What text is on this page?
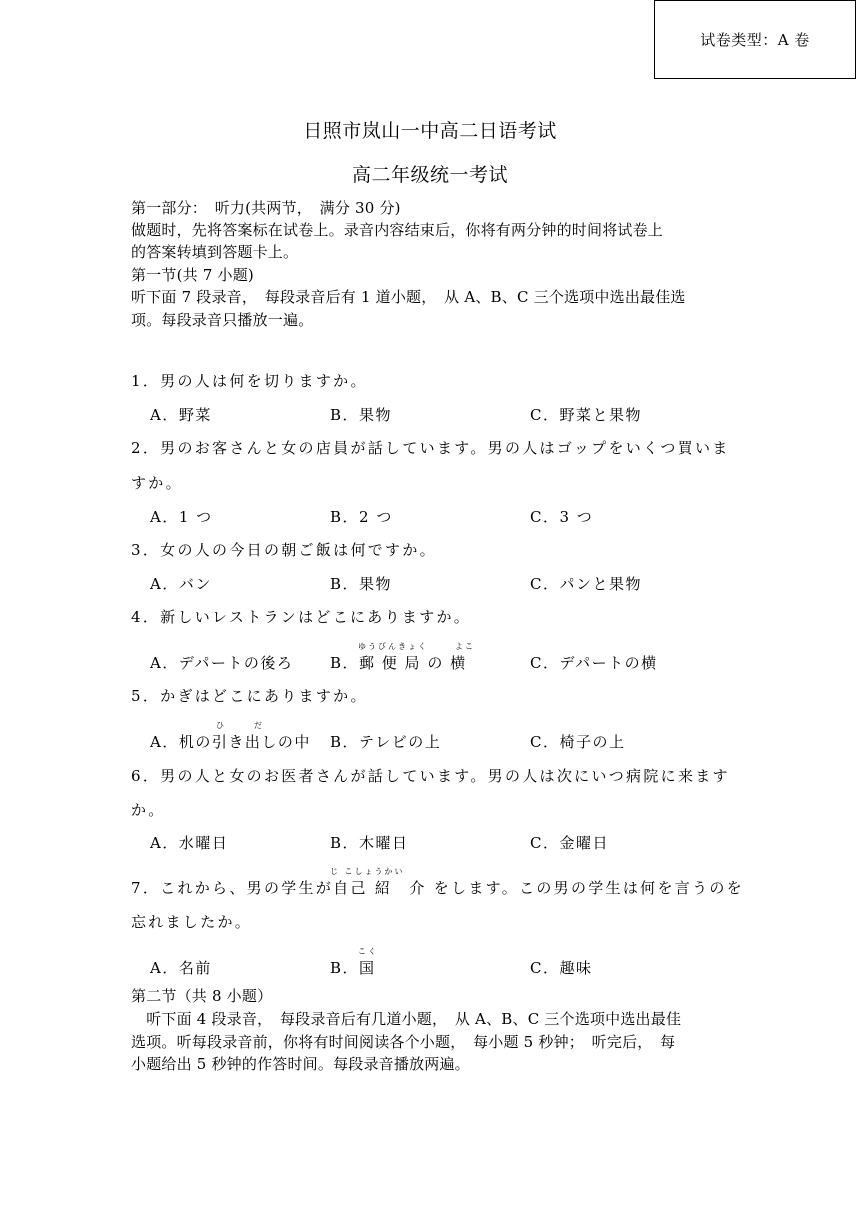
试卷类型：A 卷
日照市岚山一中高二日语考试
高二年级统一考试
第一部分：　听力(共两节，　满分 30 分)
做题时，先将答案标在试卷上。录音内容结束后，你将有两分钟的时间将试卷上
的答案转填到答题卡上。
第一节(共 7 小题)
听下面 7 段录音，　每段录音后有 1 道小题，　从 A、B、C 三个选项中选出最佳选
项。每段录音只播放一遍。
1．男の人は何を切りますか。
A．野菜	B．果物	C．野菜と果物
2．男のお客さんと女の店員が話しています。男の人はゴップをいくつ買いま
すか。
A．1 つ	B．2 つ	C．3 つ
3．女の人の今日の朝ご飯は何ですか。
A．バン	B．果物	C．パンと果物
4．新しいレストランはどこにありますか。
ゆうびんきょく	よこ
A．デパートの後ろ B．郵 便 局 の 横	C．デパートの横
5．かぎはどこにありますか。
ひ	だ
A．机の引き出しの中 B．テレビの上	C．椅子の上
6．男の人と女のお医者さんが話しています。男の人は次にいつ病院に来ます
か。
A．水曜日	B．木曜日	C．金曜日
じ こしょうかい
7．これから、男の学生が自己 紹　介 をします。この男の学生は何を言うのを
忘れましたか。
こく
A．名前	B．国	C．趣味
第二节（共 8 小题）
　听下面 4 段录音，　每段录音后有几道小题，　从 A、B、C 三个选项中选出最佳
选项。听每段录音前，你将有时间阅读各个小题，　每小题 5 秒钟；　听完后，　每
小题给出 5 秒钟的作答时间。每段录音播放两遍。
